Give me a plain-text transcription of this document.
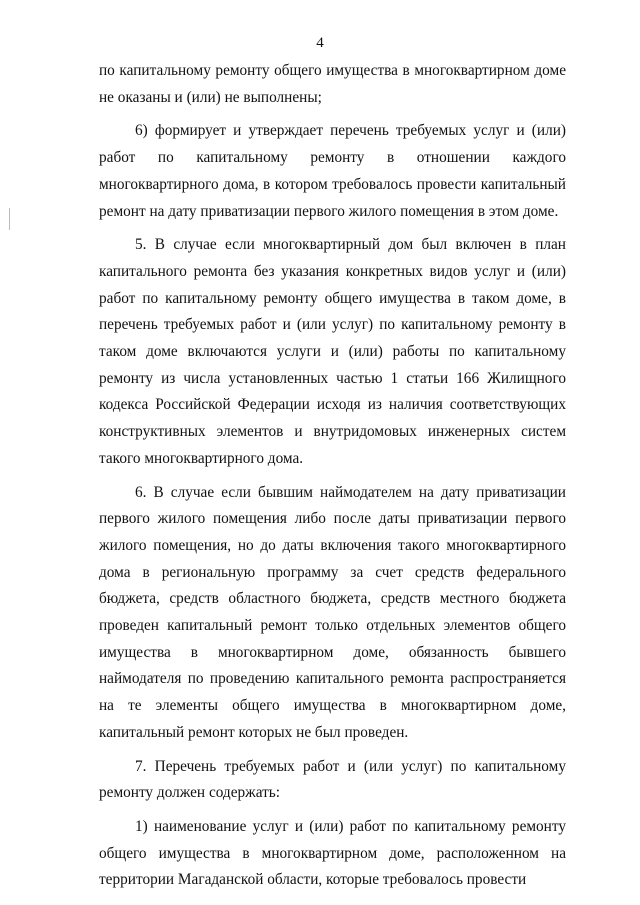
4

по капитальному ремонту общего имущества в многоквартирном доме не оказаны и (или) не выполнены;

6) формирует и утверждает перечень требуемых услуг и (или) работ по капитальному ремонту в отношении каждого многоквартирного дома, в котором требовалось провести капитальный ремонт на дату приватизации первого жилого помещения в этом доме.

5. В случае если многоквартирный дом был включен в план капитального ремонта без указания конкретных видов услуг и (или) работ по капитальному ремонту общего имущества в таком доме, в перечень требуемых работ и (или услуг) по капитальному ремонту в таком доме включаются услуги и (или) работы по капитальному ремонту из числа установленных частью 1 статьи 166 Жилищного кодекса Российской Федерации исходя из наличия соответствующих конструктивных элементов и внутридомовых инженерных систем такого многоквартирного дома.

6. В случае если бывшим наймодателем на дату приватизации первого жилого помещения либо после даты приватизации первого жилого помещения, но до даты включения такого многоквартирного дома в региональную программу за счет средств федерального бюджета, средств областного бюджета, средств местного бюджета проведен капитальный ремонт только отдельных элементов общего имущества в многоквартирном доме, обязанность бывшего наймодателя по проведению капитального ремонта распространяется на те элементы общего имущества в многоквартирном доме, капитальный ремонт которых не был проведен.

7. Перечень требуемых работ и (или услуг) по капитальному ремонту должен содержать:

1) наименование услуг и (или) работ по капитальному ремонту общего имущества в многоквартирном доме, расположенном на территории Магаданской области, которые требовалось провести
